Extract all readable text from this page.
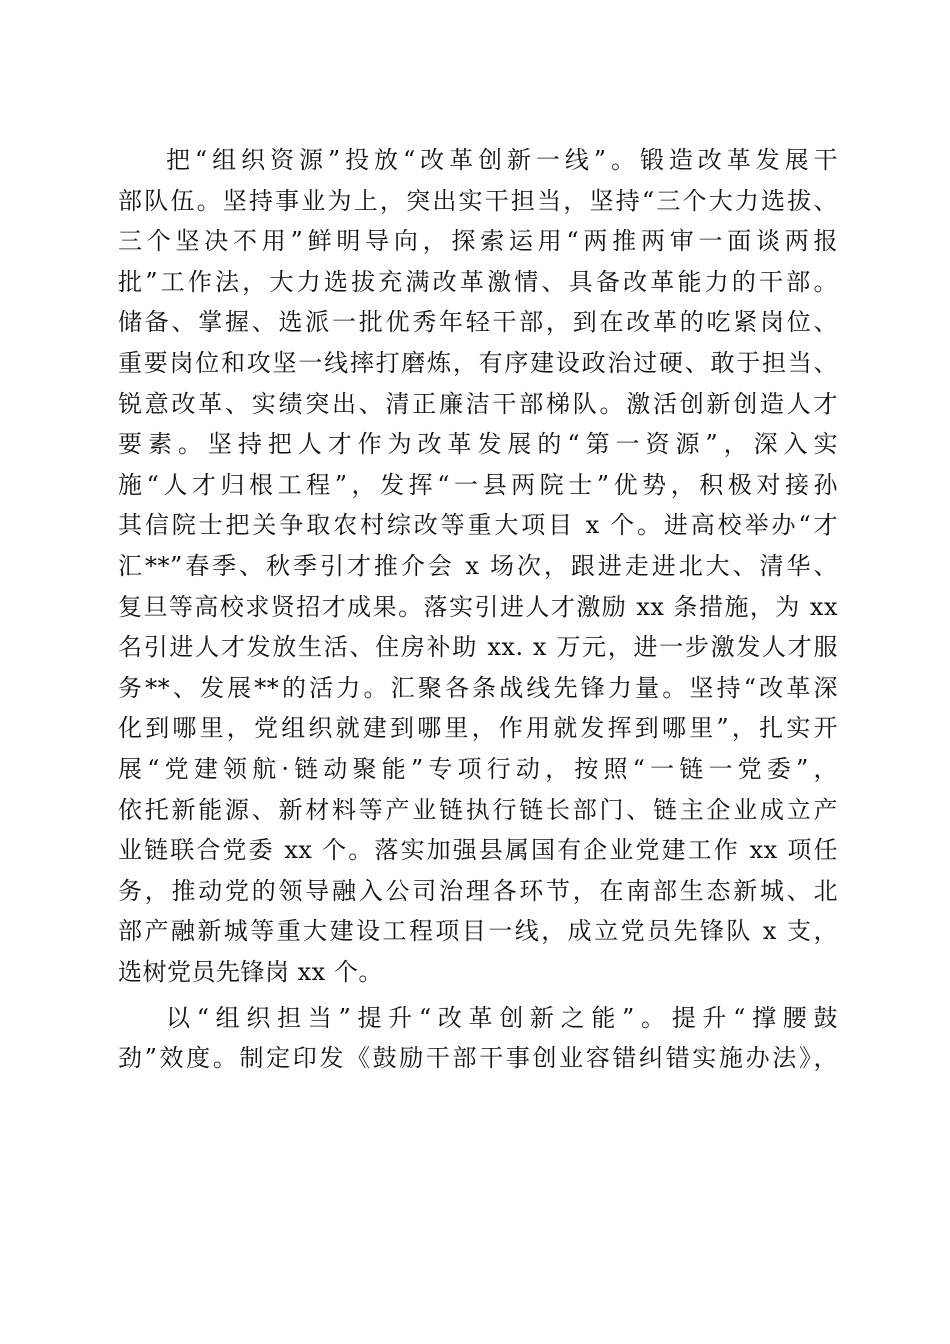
把“组织资源”投放“改革创新一线”。锻造改革发展干
部队伍。坚持事业为上，突出实干担当，坚持“三个大力选拔、
三个坚决不用”鲜明导向，探索运用“两推两审一面谈两报
批”工作法，大力选拔充满改革激情、具备改革能力的干部。
储备、掌握、选派一批优秀年轻干部，到在改革的吃紧岗位、
重要岗位和攻坚一线摔打磨炼，有序建设政治过硬、敢于担当、
锐意改革、实绩突出、清正廉洁干部梯队。激活创新创造人才
要素。坚持把人才作为改革发展的“第一资源”，深入实
施“人才归根工程”，发挥“一县两院士”优势，积极对接孙
其信院士把关争取农村综改等重大项目 x 个。进高校举办“才
汇**”春季、秋季引才推介会 x 场次，跟进走进北大、清华、
复旦等高校求贤招才成果。落实引进人才激励 xx 条措施，为 xx
名引进人才发放生活、住房补助 xx. x 万元，进一步激发人才服
务**、发展**的活力。汇聚各条战线先锋力量。坚持“改革深
化到哪里，党组织就建到哪里，作用就发挥到哪里”，扎实开
展“党建领航·链动聚能”专项行动，按照“一链一党委”，
依托新能源、新材料等产业链执行链长部门、链主企业成立产
业链联合党委 xx 个。落实加强县属国有企业党建工作 xx 项任
务，推动党的领导融入公司治理各环节，在南部生态新城、北
部产融新城等重大建设工程项目一线，成立党员先锋队 x 支，
选树党员先锋岗 xx 个。
以“组织担当”提升“改革创新之能”。提升“撑腰鼓
劲”效度。制定印发《鼓励干部干事创业容错纠错实施办法》，
